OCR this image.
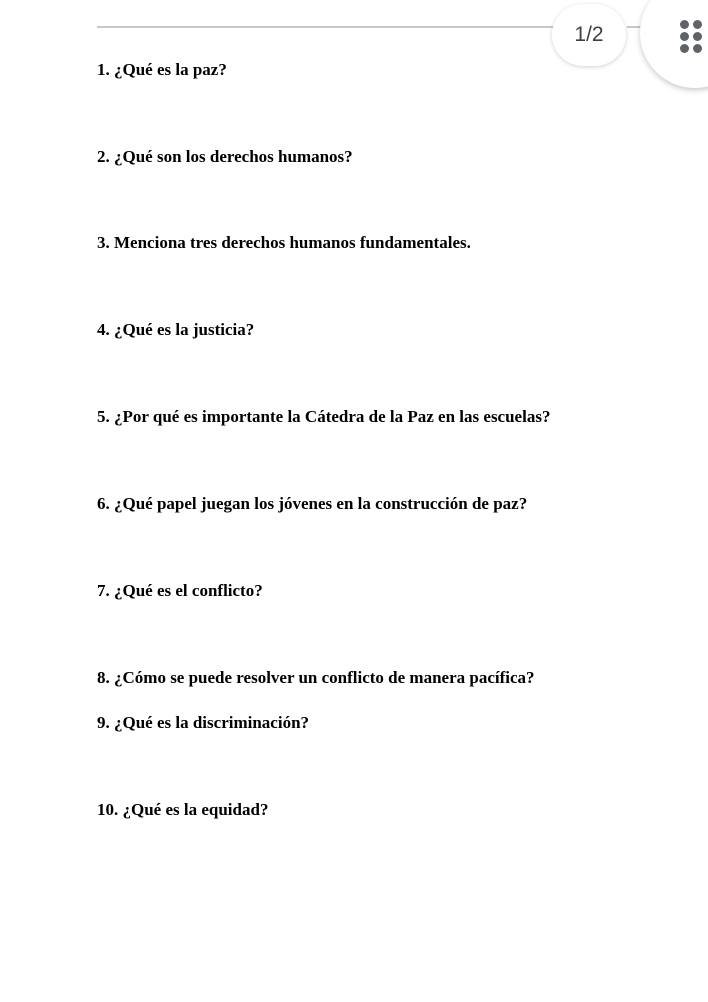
1/2

1. ¿Qué es la paz?

2. ¿Qué son los derechos humanos?

3. Menciona tres derechos humanos fundamentales.

4. ¿Qué es la justicia?

5. ¿Por qué es importante la Cátedra de la Paz en las escuelas?

6. ¿Qué papel juegan los jóvenes en la construcción de paz?

7. ¿Qué es el conflicto?

8. ¿Cómo se puede resolver un conflicto de manera pacífica?

9. ¿Qué es la discriminación?

10. ¿Qué es la equidad?
